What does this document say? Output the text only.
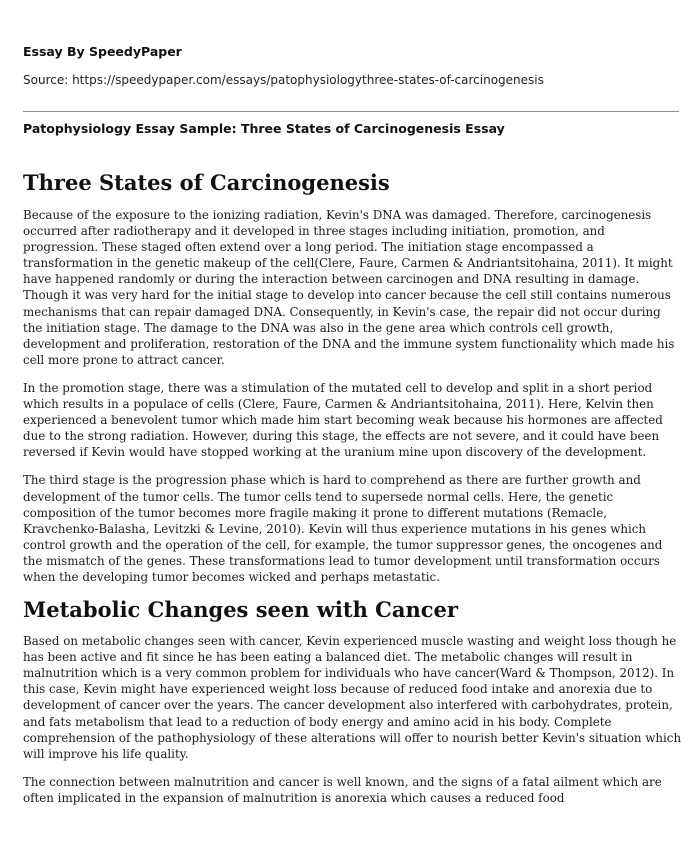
Essay By SpeedyPaper
Source: https://speedypaper.com/essays/patophysiologythree-states-of-carcinogenesis
Patophysiology Essay Sample: Three States of Carcinogenesis Essay
Three States of Carcinogenesis

Because of the exposure to the ionizing radiation, Kevin's DNA was damaged. Therefore, carcinogenesis occurred after radiotherapy and it developed in three stages including initiation, promotion, and progression. These staged often extend over a long period. The initiation stage encompassed a transformation in the genetic makeup of the cell(Clere, Faure, Carmen & Andriantsitohaina, 2011). It might have happened randomly or during the interaction between carcinogen and DNA resulting in damage. Though it was very hard for the initial stage to develop into cancer because the cell still contains numerous mechanisms that can repair damaged DNA. Consequently, in Kevin's case, the repair did not occur during the initiation stage. The damage to the DNA was also in the gene area which controls cell growth, development and proliferation, restoration of the DNA and the immune system functionality which made his cell more prone to attract cancer.

In the promotion stage, there was a stimulation of the mutated cell to develop and split in a short period which results in a populace of cells (Clere, Faure, Carmen & Andriantsitohaina, 2011). Here, Kelvin then experienced a benevolent tumor which made him start becoming weak because his hormones are affected due to the strong radiation. However, during this stage, the effects are not severe, and it could have been reversed if Kevin would have stopped working at the uranium mine upon discovery of the development.

The third stage is the progression phase which is hard to comprehend as there are further growth and development of the tumor cells. The tumor cells tend to supersede normal cells. Here, the genetic composition of the tumor becomes more fragile making it prone to different mutations (Remacle, Kravchenko-Balasha, Levitzki & Levine, 2010). Kevin will thus experience mutations in his genes which control growth and the operation of the cell, for example, the tumor suppressor genes, the oncogenes and the mismatch of the genes. These transformations lead to tumor development until transformation occurs when the developing tumor becomes wicked and perhaps metastatic.

Metabolic Changes seen with Cancer

Based on metabolic changes seen with cancer, Kevin experienced muscle wasting and weight loss though he has been active and fit since he has been eating a balanced diet. The metabolic changes will result in malnutrition which is a very common problem for individuals who have cancer(Ward & Thompson, 2012). In this case, Kevin might have experienced weight loss because of reduced food intake and anorexia due to development of cancer over the years. The cancer development also interfered with carbohydrates, protein, and fats metabolism that lead to a reduction of body energy and amino acid in his body. Complete comprehension of the pathophysiology of these alterations will offer to nourish better Kevin's situation which will improve his life quality.

The connection between malnutrition and cancer is well known, and the signs of a fatal ailment which are often implicated in the expansion of malnutrition is anorexia which causes a reduced food
